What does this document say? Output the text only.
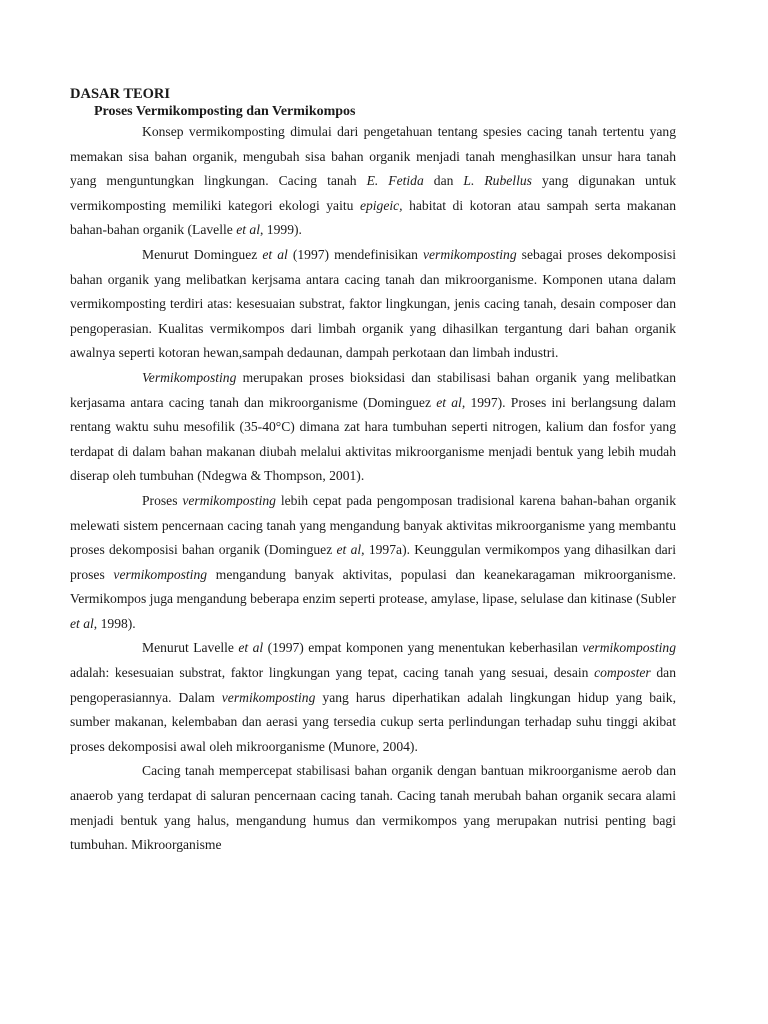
DASAR TEORI
Proses Vermikomposting dan Vermikompos

Konsep vermikomposting dimulai dari pengetahuan tentang spesies cacing tanah tertentu yang memakan sisa bahan organik, mengubah sisa bahan organik menjadi tanah menghasilkan unsur hara tanah yang menguntungkan lingkungan. Cacing tanah E. Fetida dan L. Rubellus yang digunakan untuk vermikomposting memiliki kategori ekologi yaitu epigeic, habitat di kotoran atau sampah serta makanan bahan-bahan organik (Lavelle et al, 1999).

Menurut Dominguez et al (1997) mendefinisikan vermikomposting sebagai proses dekomposisi bahan organik yang melibatkan kerjsama antara cacing tanah dan mikroorganisme. Komponen utana dalam vermikomposting terdiri atas: kesesuaian substrat, faktor lingkungan, jenis cacing tanah, desain composer dan pengoperasian. Kualitas vermikompos dari limbah organik yang dihasilkan tergantung dari bahan organik awalnya seperti kotoran hewan,sampah dedaunan, dampah perkotaan dan limbah industri.

Vermikomposting merupakan proses bioksidasi dan stabilisasi bahan organik yang melibatkan kerjasama antara cacing tanah dan mikroorganisme (Dominguez et al, 1997). Proses ini berlangsung dalam rentang waktu suhu mesofilik (35-40°C) dimana zat hara tumbuhan seperti nitrogen, kalium dan fosfor yang terdapat di dalam bahan makanan diubah melalui aktivitas mikroorganisme menjadi bentuk yang lebih mudah diserap oleh tumbuhan (Ndegwa & Thompson, 2001).

Proses vermikomposting lebih cepat pada pengomposan tradisional karena bahan-bahan organik melewati sistem pencernaan cacing tanah yang mengandung banyak aktivitas mikroorganisme yang membantu proses dekomposisi bahan organik (Dominguez et al, 1997a). Keunggulan vermikompos yang dihasilkan dari proses vermikomposting mengandung banyak aktivitas, populasi dan keanekaragaman mikroorganisme. Vermikompos juga mengandung beberapa enzim seperti protease, amylase, lipase, selulase dan kitinase (Subler et al, 1998).

Menurut Lavelle et al (1997) empat komponen yang menentukan keberhasilan vermikomposting adalah: kesesuaian substrat, faktor lingkungan yang tepat, cacing tanah yang sesuai, desain composter dan pengoperasiannya. Dalam vermikomposting yang harus diperhatikan adalah lingkungan hidup yang baik, sumber makanan, kelembaban dan aerasi yang tersedia cukup serta perlindungan terhadap suhu tinggi akibat proses dekomposisi awal oleh mikroorganisme (Munore, 2004).

Cacing tanah mempercepat stabilisasi bahan organik dengan bantuan mikroorganisme aerob dan anaerob yang terdapat di saluran pencernaan cacing tanah. Cacing tanah merubah bahan organik secara alami menjadi bentuk yang halus, mengandung humus dan vermikompos yang merupakan nutrisi penting bagi tumbuhan. Mikroorganisme
